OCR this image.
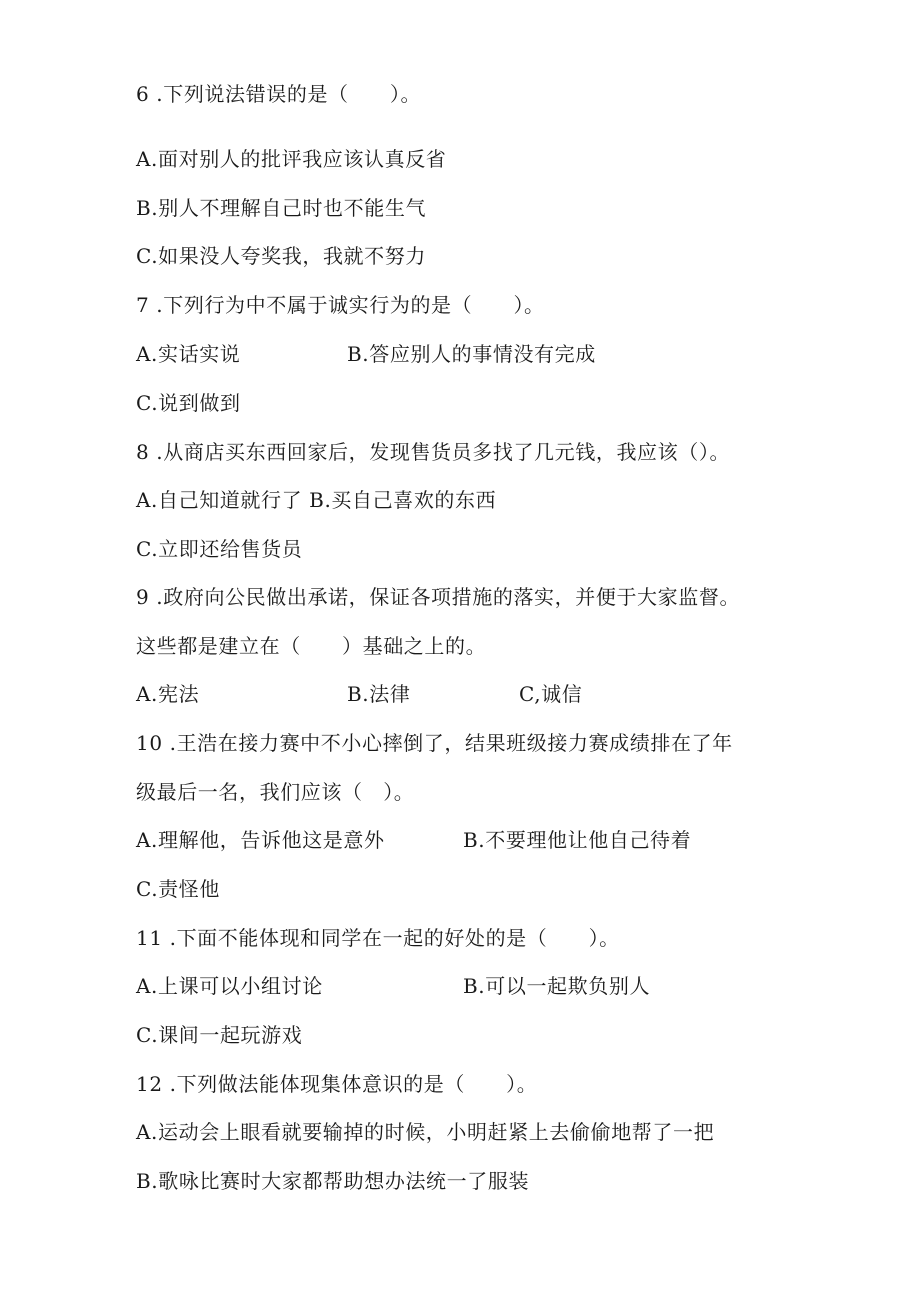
6 .下列说法错误的是（　　）。
A.面对别人的批评我应该认真反省
B.别人不理解自己时也不能生气
C.如果没人夸奖我，我就不努力
7 .下列行为中不属于诚实行为的是（　　）。
A.实话实说	B.答应别人的事情没有完成
C.说到做到
8 .从商店买东西回家后，发现售货员多找了几元钱，我应该（）。
A.自己知道就行了 B.买自己喜欢的东西
C.立即还给售货员
9 .政府向公民做出承诺，保证各项措施的落实，并便于大家监督。
这些都是建立在（　　）基础之上的。
A.宪法	B.法律	C,诚信
10 .王浩在接力赛中不小心摔倒了，结果班级接力赛成绩排在了年
级最后一名，我们应该（　）。
A.理解他，告诉他这是意外	B.不要理他让他自己待着
C.责怪他
11 .下面不能体现和同学在一起的好处的是（　　）。
A.上课可以小组讨论	B.可以一起欺负别人
C.课间一起玩游戏
12 .下列做法能体现集体意识的是（　　）。
A.运动会上眼看就要输掉的时候，小明赶紧上去偷偷地帮了一把
B.歌咏比赛时大家都帮助想办法统一了服装
